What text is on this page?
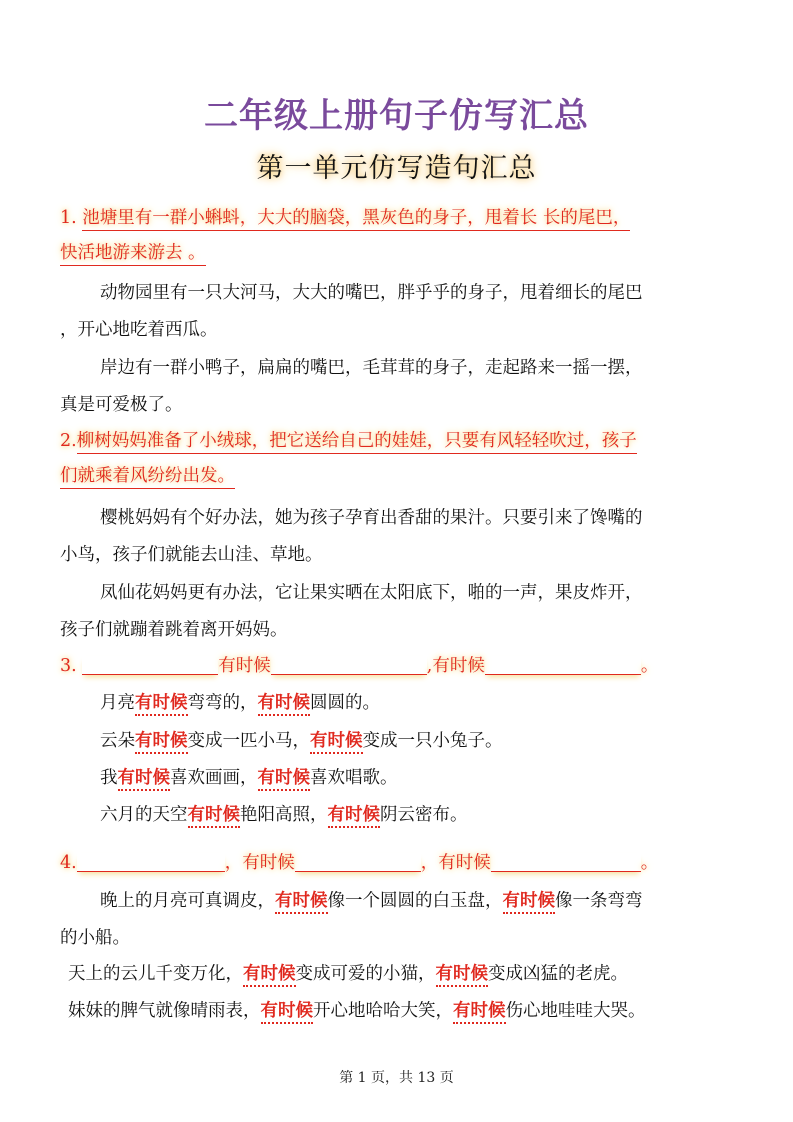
二年级上册句子仿写汇总
第一单元仿写造句汇总
1. 池塘里有一群小蝌蚪，大大的脑袋，黑灰色的身子，甩着长 长的尾巴，
快活地游来游去 。
动物园里有一只大河马，大大的嘴巴，胖乎乎的身子，甩着细长的尾巴
，开心地吃着西瓜。
岸边有一群小鸭子，扁扁的嘴巴，毛茸茸的身子，走起路来一摇一摆，
真是可爱极了。
2.柳树妈妈准备了小绒球，把它送给自己的娃娃，只要有风轻轻吹过，孩子
们就乘着风纷纷出发。
樱桃妈妈有个好办法，她为孩子孕育出香甜的果汁。只要引来了馋嘴的
小鸟，孩子们就能去山洼、草地。
凤仙花妈妈更有办法，它让果实晒在太阳底下，啪的一声，果皮炸开，
孩子们就蹦着跳着离开妈妈。
3.	有时候	,有时候	。
月亮有时候弯弯的，有时候圆圆的。
云朵有时候变成一匹小马，有时候变成一只小兔子。
我有时候喜欢画画，有时候喜欢唱歌。
六月的天空有时候艳阳高照，有时候阴云密布。
4.	，有时候	，有时候	。
晚上的月亮可真调皮，有时候像一个圆圆的白玉盘，有时候像一条弯弯
的小船。
天上的云儿千变万化，有时候变成可爱的小猫，有时候变成凶猛的老虎。
妹妹的脾气就像晴雨表，有时候开心地哈哈大笑，有时候伤心地哇哇大哭。
第 1 页，共 13 页
